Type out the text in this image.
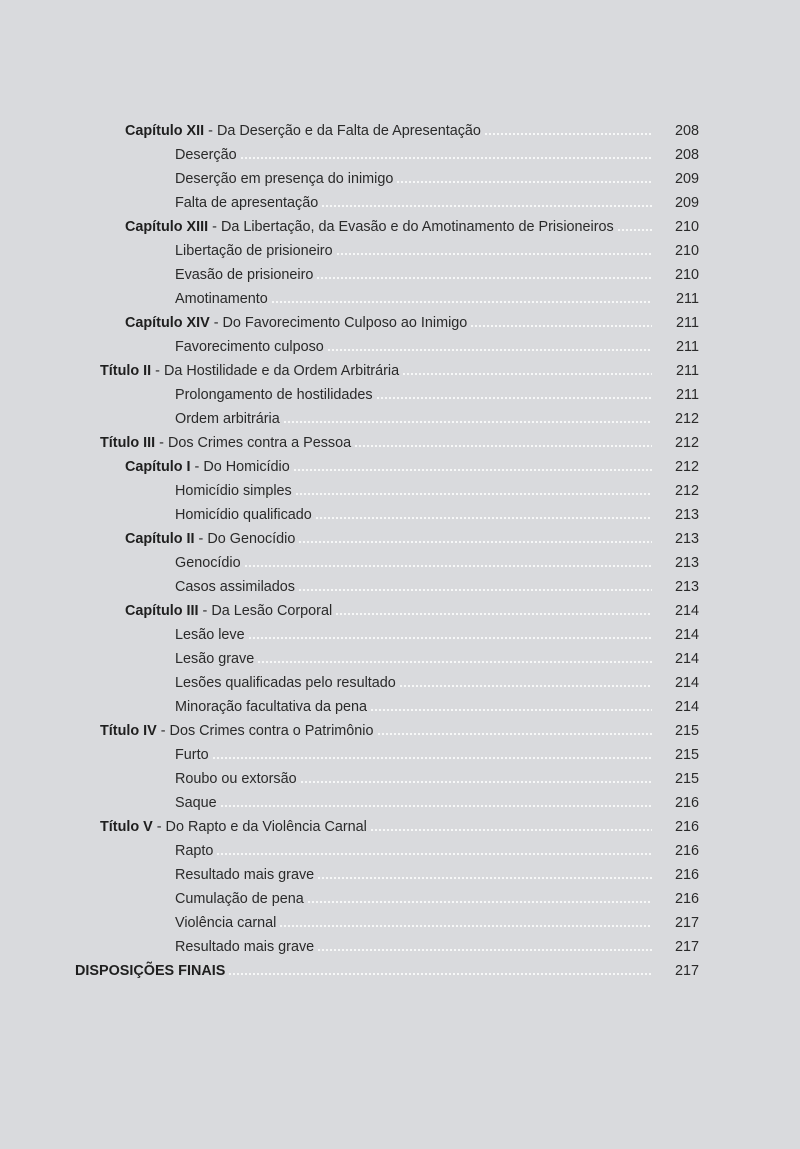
Capítulo XII - Da Deserção e da Falta de Apresentação	208
Deserção	208
Deserção em presença do inimigo	209
Falta de apresentação	209
Capítulo XIII - Da Libertação, da Evasão e do Amotinamento de Prisioneiros	210
Libertação de prisioneiro	210
Evasão de prisioneiro	210
Amotinamento	211
Capítulo XIV - Do Favorecimento Culposo ao Inimigo	211
Favorecimento culposo	211
Título II - Da Hostilidade e da Ordem Arbitrária	211
Prolongamento de hostilidades	211
Ordem arbitrária	212
Título III - Dos Crimes contra a Pessoa	212
Capítulo I - Do Homicídio	212
Homicídio simples	212
Homicídio qualificado	213
Capítulo II - Do Genocídio	213
Genocídio	213
Casos assimilados	213
Capítulo III - Da Lesão Corporal	214
Lesão leve	214
Lesão grave	214
Lesões qualificadas pelo resultado	214
Minoração facultativa da pena	214
Título IV - Dos Crimes contra o Patrimônio	215
Furto	215
Roubo ou extorsão	215
Saque	216
Título V - Do Rapto e da Violência Carnal	216
Rapto	216
Resultado mais grave	216
Cumulação de pena	216
Violência carnal	217
Resultado mais grave	217
DISPOSIÇÕES FINAIS	217
